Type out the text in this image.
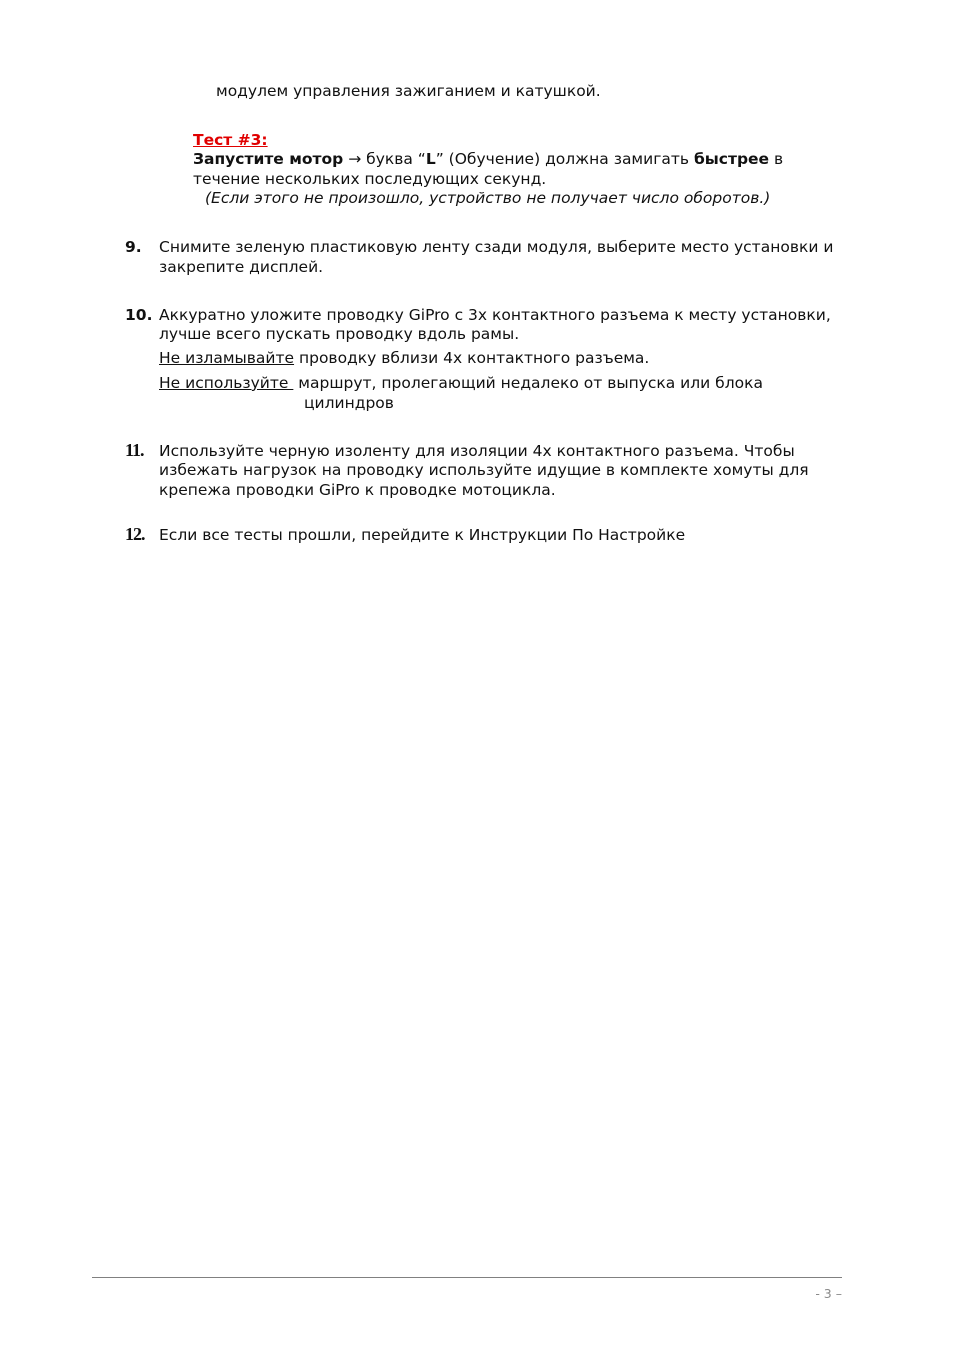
модулем управления зажиганием и катушкой.
Тест #3:
Запустите мотор → буква “L” (Обучение) должна замигать быстрее в
течение нескольких последующих секунд.
(Если этого не произошло, устройство не получает число оборотов.)
9. Снимите зеленую пластиковую ленту сзади модуля, выберите место установки и
закрепите дисплей.
10. Аккуратно уложите проводку GiPro с 3х контактного разъема к месту установки,
лучше всего пускать проводку вдоль рамы.
Не изламывайте проводку вблизи 4х контактного разъема.
Не используйте  маршрут, пролегающий недалеко от выпуска или блока
цилиндров
11. Используйте черную изоленту для изоляции 4х контактного разъема. Чтобы
избежать нагрузок на проводку используйте идущие в комплекте хомуты для
крепежа проводки GiPro к проводке мотоцикла.
12. Если все тесты прошли, перейдите к Инструкции По Настройке
- 3 –
